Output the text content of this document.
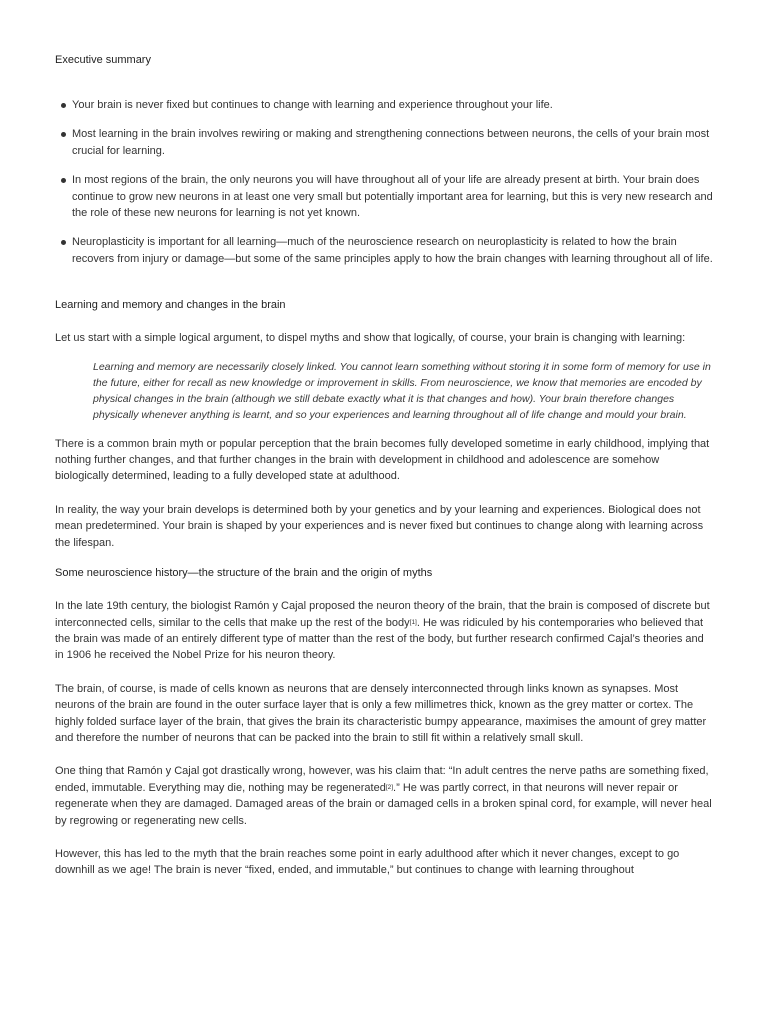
Executive summary

Your brain is never fixed but continues to change with learning and experience throughout your life.
Most learning in the brain involves rewiring or making and strengthening connections between neurons, the cells of your brain most crucial for learning.
In most regions of the brain, the only neurons you will have throughout all of your life are already present at birth. Your brain does continue to grow new neurons in at least one very small but potentially important area for learning, but this is very new research and the role of these new neurons for learning is not yet known.
Neuroplasticity is important for all learning—much of the neuroscience research on neuroplasticity is related to how the brain recovers from injury or damage—but some of the same principles apply to how the brain changes with learning throughout all of life.

Learning and memory and changes in the brain

Let us start with a simple logical argument, to dispel myths and show that logically, of course, your brain is changing with learning:

Learning and memory are necessarily closely linked. You cannot learn something without storing it in some form of memory for use in the future, either for recall as new knowledge or improvement in skills. From neuroscience, we know that memories are encoded by physical changes in the brain (although we still debate exactly what it is that changes and how). Your brain therefore changes physically whenever anything is learnt, and so your experiences and learning throughout all of life change and mould your brain.

There is a common brain myth or popular perception that the brain becomes fully developed sometime in early childhood, implying that nothing further changes, and that further changes in the brain with development in childhood and adolescence are somehow biologically determined, leading to a fully developed state at adulthood.

In reality, the way your brain develops is determined both by your genetics and by your learning and experiences. Biological does not mean predetermined. Your brain is shaped by your experiences and is never fixed but continues to change along with learning across the lifespan.

Some neuroscience history—the structure of the brain and the origin of myths

In the late 19th century, the biologist Ramón y Cajal proposed the neuron theory of the brain, that the brain is composed of discrete but interconnected cells, similar to the cells that make up the rest of the body[1]. He was ridiculed by his contemporaries who believed that the brain was made of an entirely different type of matter than the rest of the body, but further research confirmed Cajal’s theories and in 1906 he received the Nobel Prize for his neuron theory.

The brain, of course, is made of cells known as neurons that are densely interconnected through links known as synapses. Most neurons of the brain are found in the outer surface layer that is only a few millimetres thick, known as the grey matter or cortex. The highly folded surface layer of the brain, that gives the brain its characteristic bumpy appearance, maximises the amount of grey matter and therefore the number of neurons that can be packed into the brain to still fit within a relatively small skull.

One thing that Ramón y Cajal got drastically wrong, however, was his claim that: “In adult centres the nerve paths are something fixed, ended, immutable. Everything may die, nothing may be regenerated[2].” He was partly correct, in that neurons will never repair or regenerate when they are damaged. Damaged areas of the brain or damaged cells in a broken spinal cord, for example, will never heal by regrowing or regenerating new cells.

However, this has led to the myth that the brain reaches some point in early adulthood after which it never changes, except to go downhill as we age! The brain is never “fixed, ended, and immutable,” but continues to change with learning throughout
